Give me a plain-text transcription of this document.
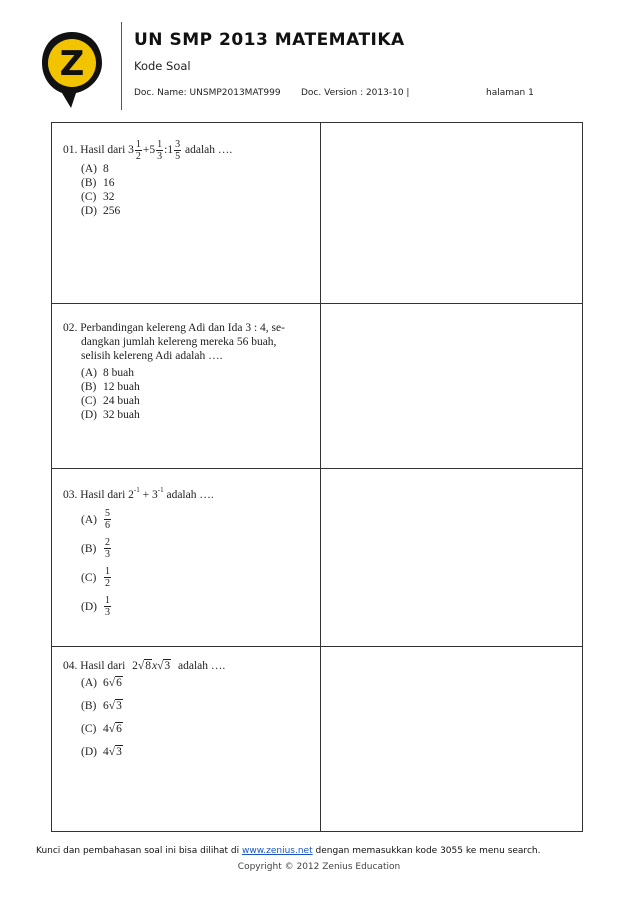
Z
UN SMP 2013 MATEMATIKA
Kode Soal
Doc. Name: UNSMP2013MAT999 Doc. Version : 2013-10 |	halaman 1
01. Hasil dari $3 \frac{1}{2} +5 \frac{1}{3}$ :1 $\frac{3}{5}$ adalah ….
(A) 8
(B) 16
(C) 32
(D) 256
02. Perbandingan kelereng Adi dan Ida 3 : 4, se-
dangkan jumlah kelereng mereka 56 buah,
selisih kelereng Adi adalah ….
(A) 8 buah
(B) 12 buah
(C) 24 buah
(D) 32 buah
03. Hasil dari $2^{-1} + 3^{-1}$ adalah ….
$(A) \frac{5}{6}$
$(B) \frac{2}{3}$
$(C) \frac{1}{2}$
$(D) \frac{1}{3}$
04. Hasil dari 2√8x√3 adalah ….
(A) 6√6
(B) 6√3
(C) 4√6
(D) 4√3
Kunci dan pembahasan soal ini bisa dilihat di www.zenius.net dengan memasukkan kode 3055 ke menu search.
Copyright © 2012 Zenius Education
